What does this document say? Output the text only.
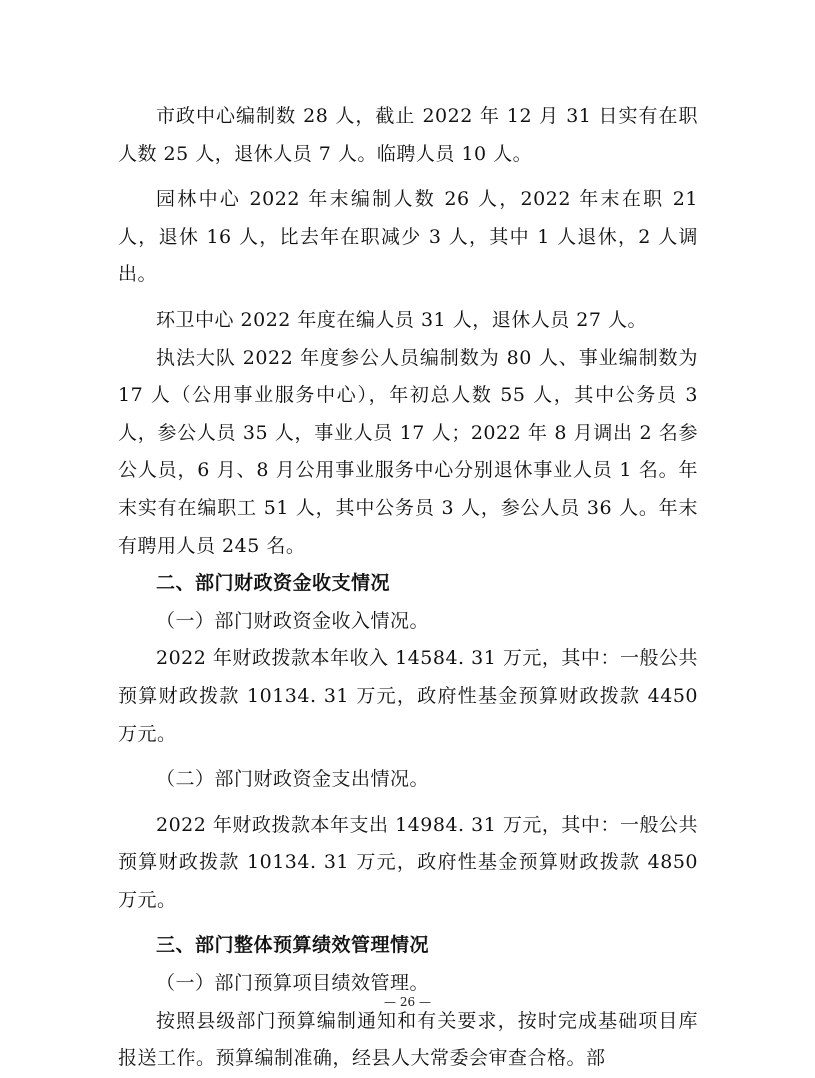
市政中心编制数 28 人，截止 2022 年 12 月 31 日实有在职人数 25 人，退休人员 7 人。临聘人员 10 人。

园林中心 2022 年末编制人数 26 人，2022 年末在职 21 人，退休 16 人，比去年在职减少 3 人，其中 1 人退休，2 人调出。

环卫中心 2022 年度在编人员 31 人，退休人员 27 人。

执法大队 2022 年度参公人员编制数为 80 人、事业编制数为 17 人（公用事业服务中心），年初总人数 55 人，其中公务员 3 人，参公人员 35 人，事业人员 17 人；2022 年 8 月调出 2 名参公人员，6 月、8 月公用事业服务中心分别退休事业人员 1 名。年末实有在编职工 51 人，其中公务员 3 人，参公人员 36 人。年末有聘用人员 245 名。

二、部门财政资金收支情况

（一）部门财政资金收入情况。

2022 年财政拨款本年收入 14584. 31 万元，其中：一般公共预算财政拨款 10134. 31 万元，政府性基金预算财政拨款 4450 万元。

（二）部门财政资金支出情况。

2022 年财政拨款本年支出 14984. 31 万元，其中：一般公共预算财政拨款 10134. 31 万元，政府性基金预算财政拨款 4850 万元。

三、部门整体预算绩效管理情况

（一）部门预算项目绩效管理。

按照县级部门预算编制通知和有关要求，按时完成基础项目库报送工作。预算编制准确，经县人大常委会审查合格。部

— 26 —
